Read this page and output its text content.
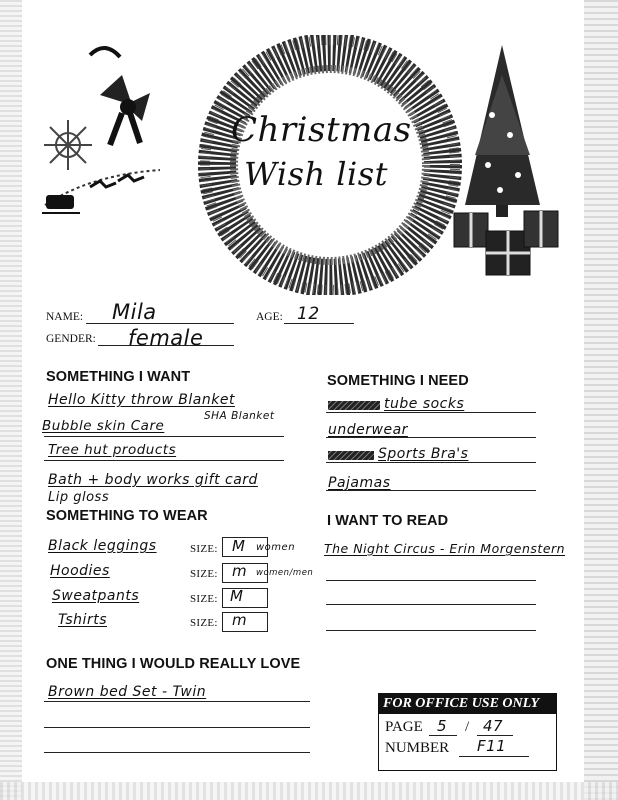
Christmas
Wish list
NAME: Mila	AGE: 12
GENDER: female
SOMETHING I WANT
Hello Kitty throw Blanket
SHA Blanket
Bubble skin Care
Tree hut products
Bath + body works gift card
Lip gloss
SOMETHING I NEED
tube socks
underwear
Sports Bra's
Pajamas
SOMETHING TO WEAR
Black leggings	SIZE: M women
Hoodies	SIZE: m women/men
Sweatpants	SIZE: M
Tshirts	SIZE: m
I WANT TO READ
The Night Circus - Erin Morgenstern
ONE THING I WOULD REALLY LOVE
Brown bed Set - Twin
FOR OFFICE USE ONLY
PAGE 5 / 47
NUMBER F11
